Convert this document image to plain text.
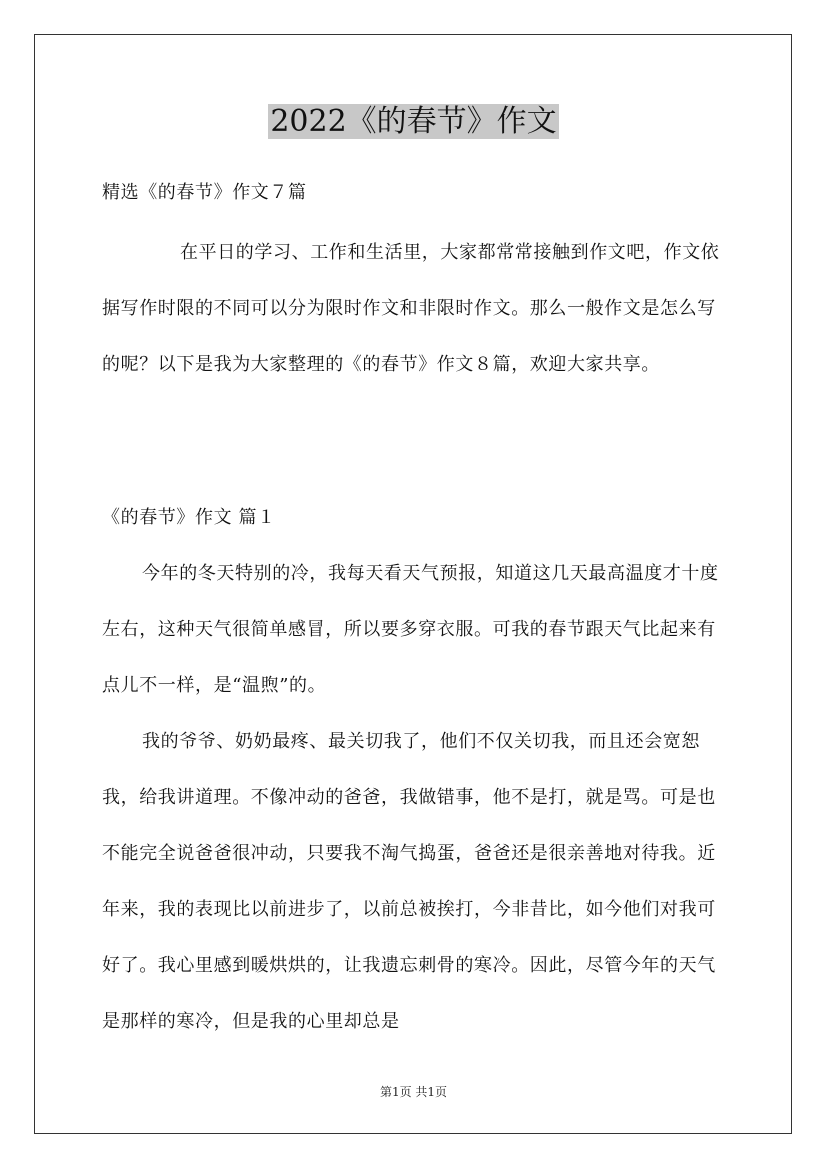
2022《的春节》作文

精选《的春节》作文７篇

在平日的学习、工作和生活里，大家都常常接触到作文吧，作文依据写作时限的不同可以分为限时作文和非限时作文。那么一般作文是怎么写的呢？以下是我为大家整理的《的春节》作文８篇，欢迎大家共享。

《的春节》作文 篇１

今年的冬天特别的冷，我每天看天气预报，知道这几天最高温度才十度左右，这种天气很简单感冒，所以要多穿衣服。可我的春节跟天气比起来有点儿不一样，是“温煦”的。

我的爷爷、奶奶最疼、最关切我了，他们不仅关切我，而且还会宽恕我，给我讲道理。不像冲动的爸爸，我做错事，他不是打，就是骂。可是也不能完全说爸爸很冲动，只要我不淘气捣蛋，爸爸还是很亲善地对待我。近年来，我的表现比以前进步了，以前总被挨打，今非昔比，如今他们对我可好了。我心里感到暖烘烘的，让我遗忘刺骨的寒冷。因此，尽管今年的天气是那样的寒冷，但是我的心里却总是

第1页 共1页
